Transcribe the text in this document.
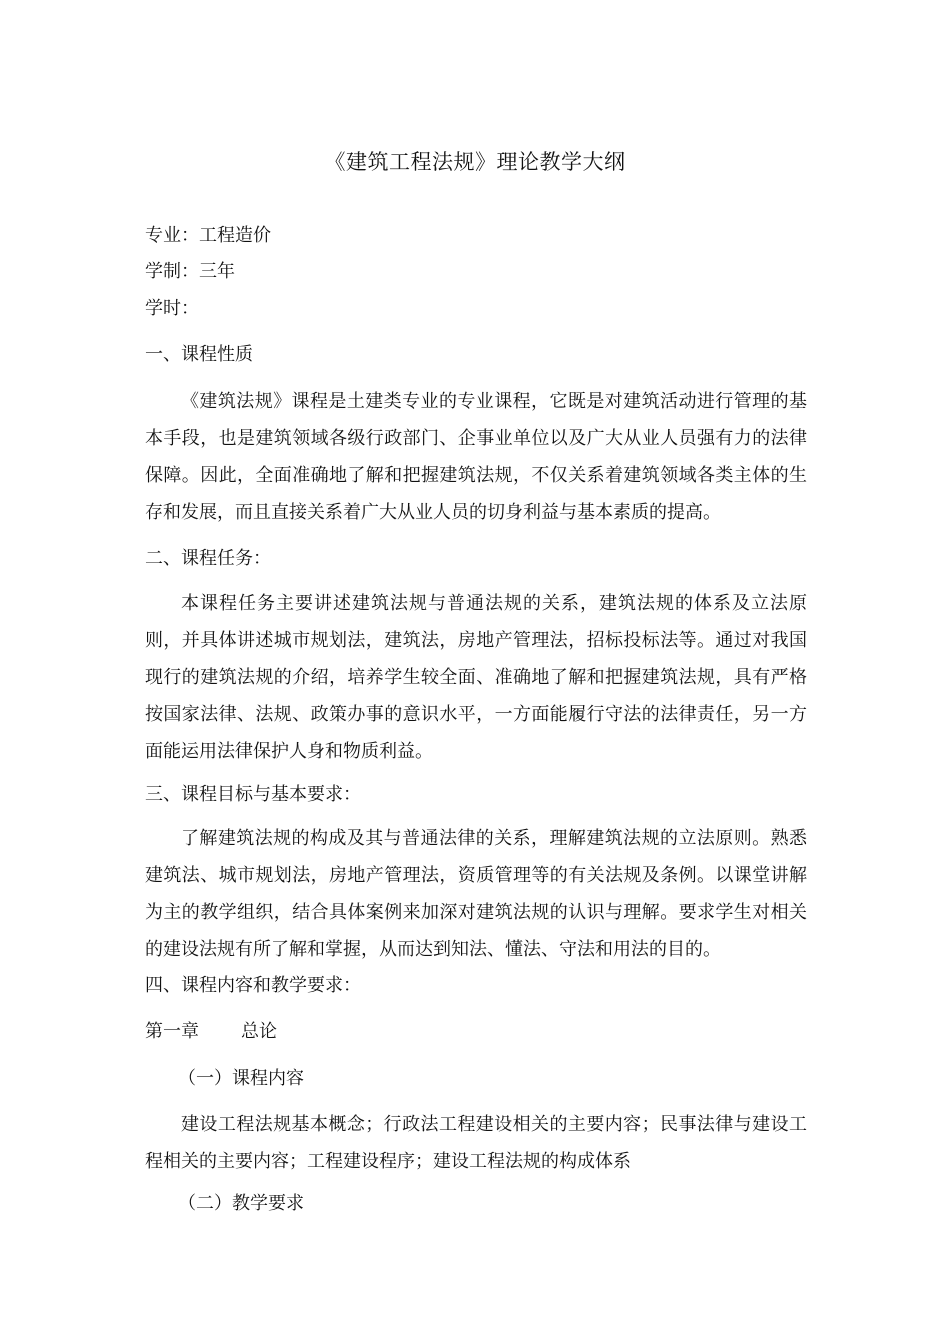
《建筑工程法规》理论教学大纲
专业：工程造价
学制：三年
学时：
一、课程性质
《建筑法规》课程是土建类专业的专业课程，它既是对建筑活动进行管理的基本手段，也是建筑领域各级行政部门、企事业单位以及广大从业人员强有力的法律保障。因此，全面准确地了解和把握建筑法规，不仅关系着建筑领域各类主体的生存和发展，而且直接关系着广大从业人员的切身利益与基本素质的提高。
二、课程任务：
本课程任务主要讲述建筑法规与普通法规的关系，建筑法规的体系及立法原则，并具体讲述城市规划法，建筑法，房地产管理法，招标投标法等。通过对我国现行的建筑法规的介绍，培养学生较全面、准确地了解和把握建筑法规，具有严格按国家法律、法规、政策办事的意识水平，一方面能履行守法的法律责任，另一方面能运用法律保护人身和物质利益。
三、课程目标与基本要求：
了解建筑法规的构成及其与普通法律的关系，理解建筑法规的立法原则。熟悉建筑法、城市规划法，房地产管理法，资质管理等的有关法规及条例。以课堂讲解为主的教学组织，结合具体案例来加深对建筑法规的认识与理解。要求学生对相关的建设法规有所了解和掌握，从而达到知法、懂法、守法和用法的目的。
四、课程内容和教学要求：
第一章 总论
（一）课程内容
建设工程法规基本概念；行政法工程建设相关的主要内容；民事法律与建设工程相关的主要内容；工程建设程序；建设工程法规的构成体系
（二）教学要求
